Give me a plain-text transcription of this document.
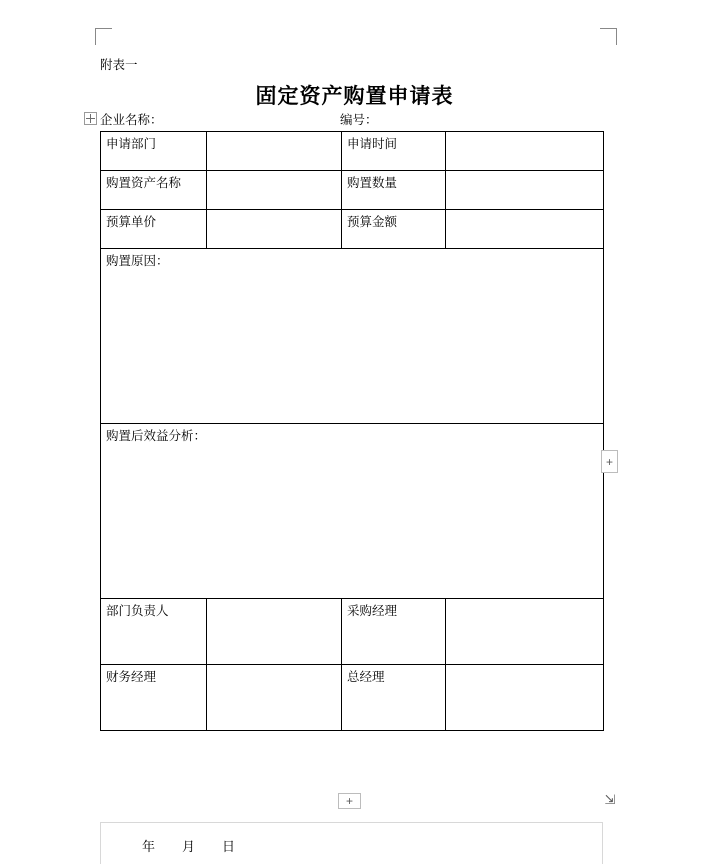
附表一
固定资产购置申请表
企业名称：	编号：
申请部门		申请时间	
购置资产名称		购置数量	
预算单价		预算金额	
购置原因：			
购置后效益分析：			
部门负责人		采购经理	
财务经理		总经理	
+
+	⇲
年 月 日
